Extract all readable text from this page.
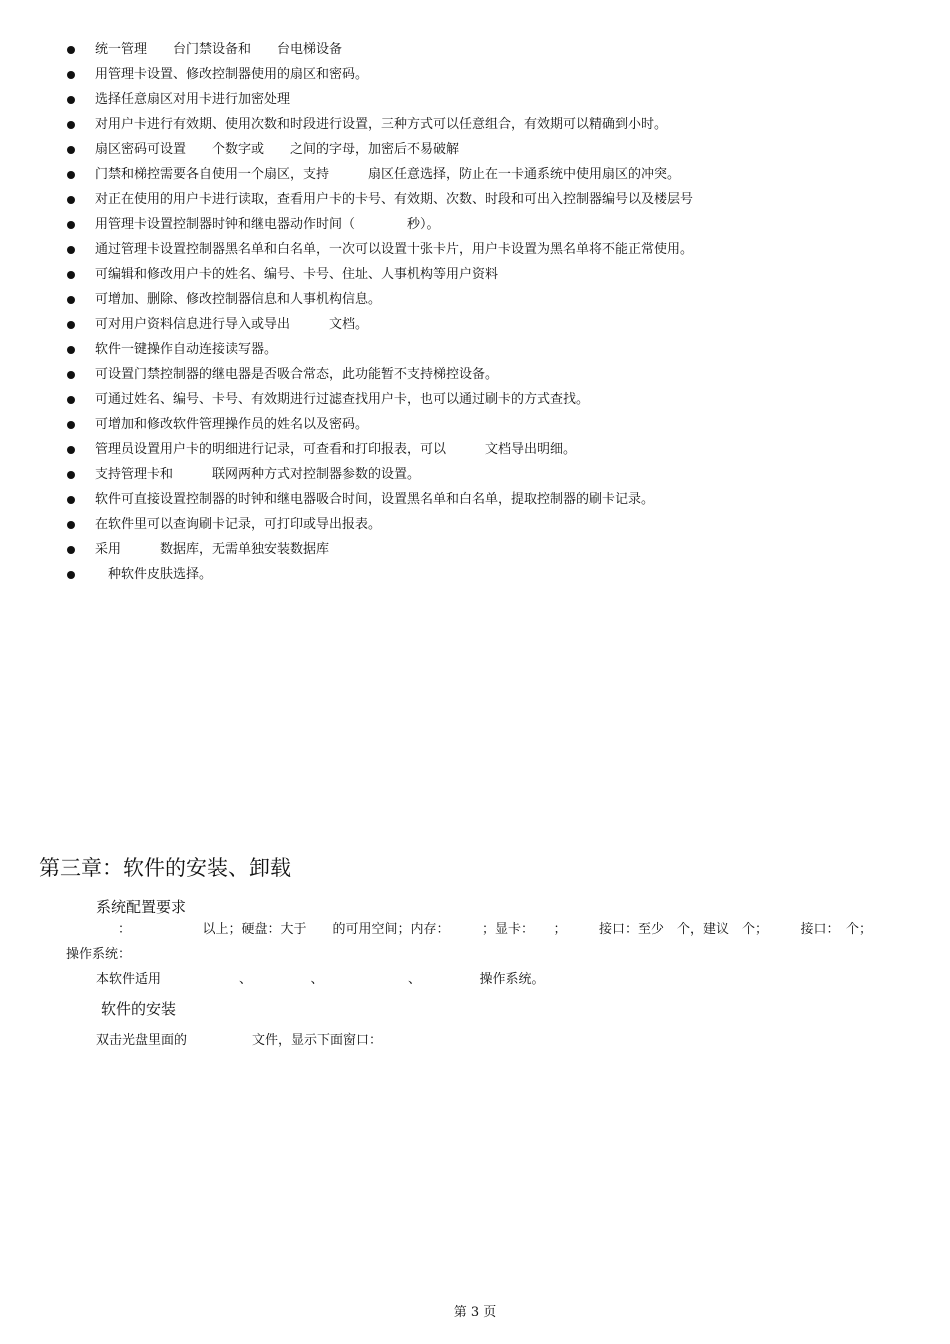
统一管理　　台门禁设备和　　台电梯设备
用管理卡设置、修改控制器使用的扇区和密码。
选择任意扇区对用卡进行加密处理
对用户卡进行有效期、使用次数和时段进行设置，三种方式可以任意组合，有效期可以精确到小时。
扇区密码可设置　　个数字或　　之间的字母，加密后不易破解
门禁和梯控需要各自使用一个扇区，支持　　　扇区任意选择，防止在一卡通系统中使用扇区的冲突。
对正在使用的用户卡进行读取，查看用户卡的卡号、有效期、次数、时段和可出入控制器编号以及楼层号
用管理卡设置控制器时钟和继电器动作时间（　　　　秒）。
通过管理卡设置控制器黑名单和白名单，一次可以设置十张卡片，用户卡设置为黑名单将不能正常使用。
可编辑和修改用户卡的姓名、编号、卡号、住址、人事机构等用户资料
可增加、删除、修改控制器信息和人事机构信息。
可对用户资料信息进行导入或导出　　　文档。
软件一键操作自动连接读写器。
可设置门禁控制器的继电器是否吸合常态，此功能暂不支持梯控设备。
可通过姓名、编号、卡号、有效期进行过滤查找用户卡，也可以通过刷卡的方式查找。
可增加和修改软件管理操作员的姓名以及密码。
管理员设置用户卡的明细进行记录，可查看和打印报表，可以　　　文档导出明细。
支持管理卡和　　　联网两种方式对控制器参数的设置。
软件可直接设置控制器的时钟和继电器吸合时间，设置黑名单和白名单，提取控制器的刷卡记录。
在软件里可以查询刷卡记录，可打印或导出报表。
采用　　　数据库，无需单独安装数据库
　种软件皮肤选择。
第三章：软件的安装、卸载
系统配置要求
：　　　　　　以上；硬盘：大于　　的可用空间；内存：　　　；显卡：　　；　　　接口：至少　个，建议　个；　　　接口：　个；
操作系统：
本软件适用　　　　　　、　　　　　、　　　　　　　、　　　　　操作系统。
软件的安装
双击光盘里面的　　　　　文件，显示下面窗口：
第 3 页
